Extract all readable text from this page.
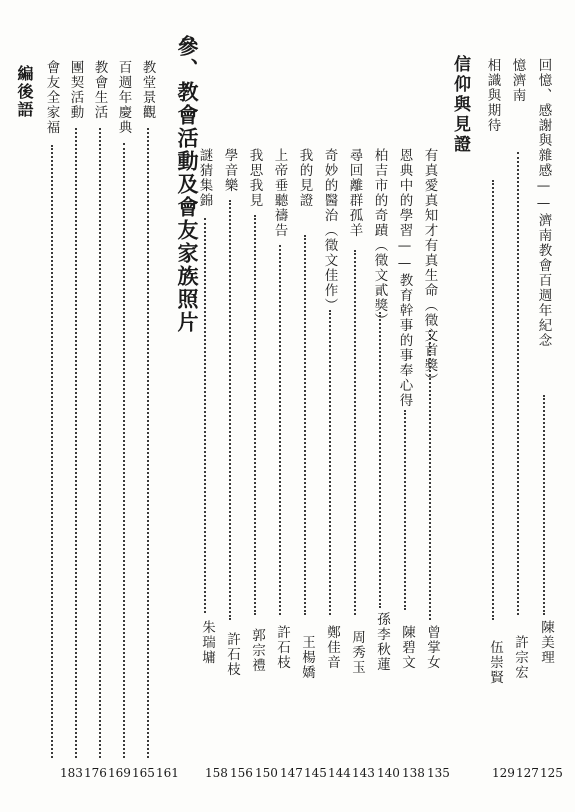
回憶、感謝與雜感——濟南教會百週年紀念
陳美理
憶濟南
許宗宏
相識與期待
伍崇賢
信仰與見證
有真愛真知才有真生命（徵文首獎）
曾掌女
恩典中的學習——教育幹事的事奉心得
陳碧文
柏吉市的奇蹟（徵文貳獎）
孫李秋蓮
尋回離群孤羊
周秀玉
奇妙的醫治（徵文佳作）
鄭佳音
我的見證
王楊嬌
上帝垂聽禱告
許石枝
我思我見
郭宗禮
學音樂
許石枝
謎猜集錦
朱瑞墉
158 156 150 147 145 144 143 140 138 135	129 127 125
參、教會活動及會友家族照片
教堂景觀
百週年慶典
教會生活
團契活動
會友全家福
183 176 169 165 161
編後語
